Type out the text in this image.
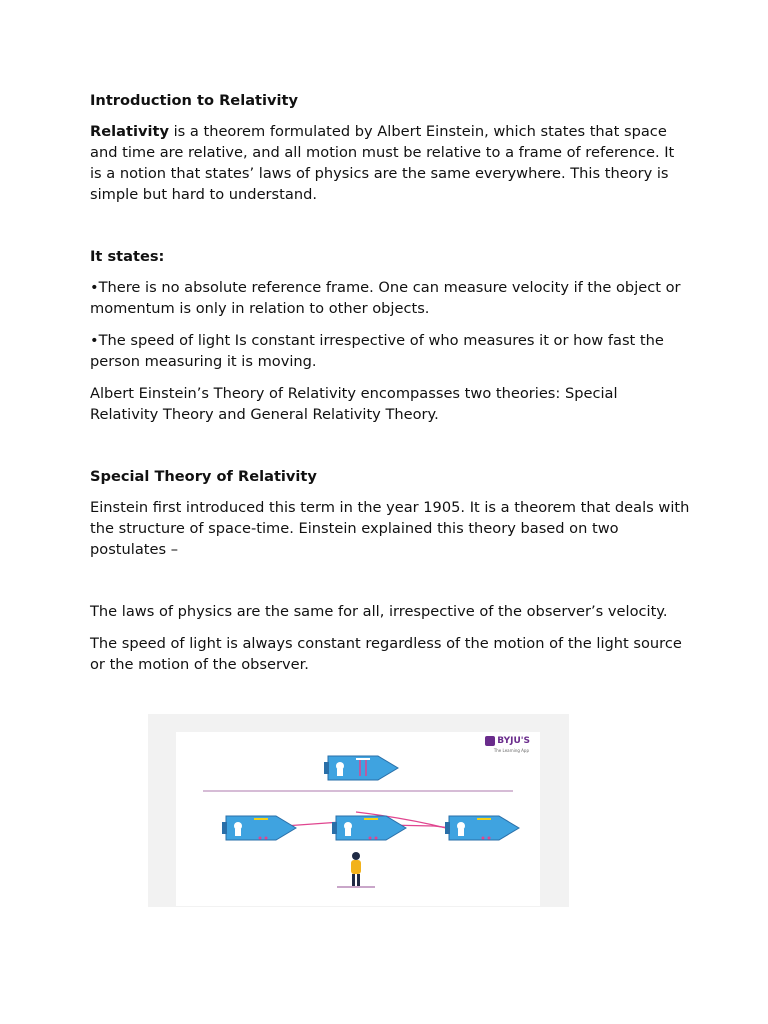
Introduction to Relativity

Relativity is a theorem formulated by Albert Einstein, which states that space and time are relative, and all motion must be relative to a frame of reference. It is a notion that states’ laws of physics are the same everywhere. This theory is simple but hard to understand.

It states:

•There is no absolute reference frame. One can measure velocity if the object or momentum is only in relation to other objects.

•The speed of light Is constant irrespective of who measures it or how fast the person measuring it is moving.

Albert Einstein’s Theory of Relativity encompasses two theories: Special Relativity Theory and General Relativity Theory.

Special Theory of Relativity

Einstein first introduced this term in the year 1905. It is a theorem that deals with the structure of space-time. Einstein explained this theory based on two postulates –

The laws of physics are the same for all, irrespective of the observer’s velocity.

The speed of light is always constant regardless of the motion of the light source or the motion of the observer.

BYJU'S
The Learning App
